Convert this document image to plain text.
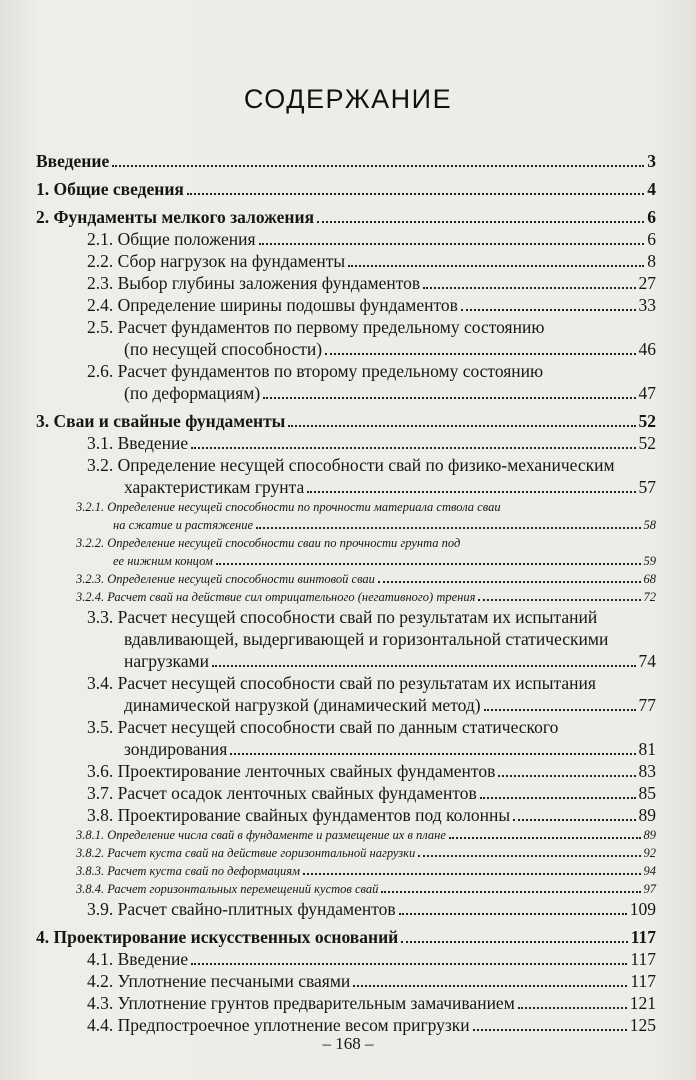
СОДЕРЖАНИЕ
Введение	3
1. Общие сведения	4
2. Фундаменты мелкого заложения	6
2.1. Общие положения	6
2.2. Сбор нагрузок на фундаменты	8
2.3. Выбор глубины заложения фундаментов	27
2.4. Определение ширины подошвы фундаментов	33
2.5. Расчет фундаментов по первому предельному состоянию
(по несущей способности)	46
2.6. Расчет фундаментов по второму предельному состоянию
(по деформациям)	47
3. Сваи и свайные фундаменты	52
3.1. Введение	52
3.2. Определение несущей способности свай по физико-механическим
характеристикам грунта	57
3.2.1. Определение несущей способности по прочности материала ствола сваи
на сжатие и растяжение	58
3.2.2. Определение несущей способности сваи по прочности грунта под
ее нижним концом	59
3.2.3. Определение несущей способности винтовой сваи	68
3.2.4. Расчет свай на действие сил отрицательного (негативного) трения	72
3.3. Расчет несущей способности свай по результатам их испытаний
вдавливающей, выдергивающей и горизонтальной статическими
нагрузками	74
3.4. Расчет несущей способности свай по результатам их испытания
динамической нагрузкой (динамический метод)	77
3.5. Расчет несущей способности свай по данным статического
зондирования	81
3.6. Проектирование ленточных свайных фундаментов	83
3.7. Расчет осадок ленточных свайных фундаментов	85
3.8. Проектирование свайных фундаментов под колонны	89
3.8.1. Определение числа свай в фундаменте и размещение их в плане	89
3.8.2. Расчет куста свай на действие горизонтальной нагрузки	92
3.8.3. Расчет куста свай по деформациям	94
3.8.4. Расчет горизонтальных перемещений кустов свай	97
3.9. Расчет свайно-плитных фундаментов	109
4. Проектирование искусственных оснований	117
4.1. Введение	117
4.2. Уплотнение песчаными сваями	117
4.3. Уплотнение грунтов предварительным замачиванием	121
4.4. Предпостроечное уплотнение весом пригрузки	125
– 168 –
